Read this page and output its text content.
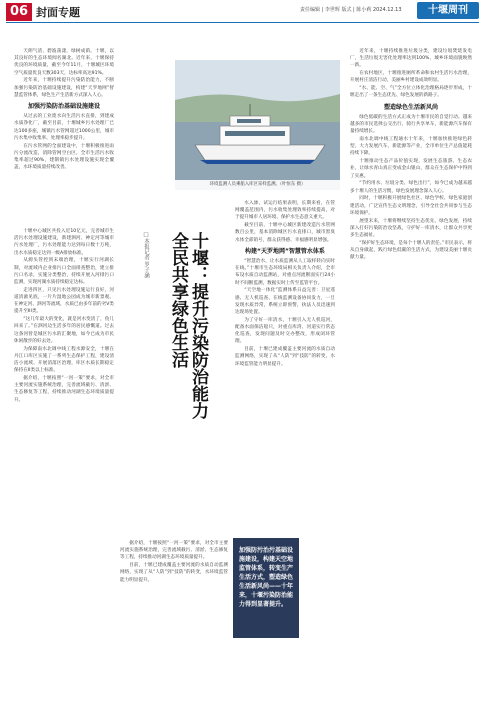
06 封面专题	责任编辑 | 李世辉 版式 | 陈小莉 2024.12.13	十堰周刊

天朗气清，碧波荡漾，绿树成荫。十堰，以其良好的生态环境闻名湖北。近年来，十堰保持优良的环境质量，截至今年11月，十堰城区环境空气质量优良天数303天，达标率高达91%。

近年来，十堰持续提升污染防治能力，不断加强污染防治基础设施建设，构建“天罗地网”智慧监管体系，绿色生产生活新方式深入人心。

加强污染防治基础设施建设

从过去的工业废水向生活污水直排，到建成水质净化厂，截至目前，十堰城乡污水处理厂已达100多座，城镇污水管网超过1000公里，城市污水集中收集率、处理率稳步提升。

在污水管网的全面建设中，十堰积极推进雨污分流改造，消除管网空白区，全市生活污水收集率超过90%，建制镇污水处理设施实现全覆盖，水环境质量持续改善。

十堰中心城区共投入近10亿元，完善城市生活污水处理设施建设，新建泗河、神定河等城市污水处理厂，污水处理能力达到每日数十万吨，出水水质稳定达到一级A排放标准。

从源头管控到末端治理，十堰实行河湖长制，对流域内企业排污口全面排查整治，建立排污口名录，实施分类整治，持续开展入河排污口监测，实现河湖水质持续稳定达标。

走进四区，只见污水处理设施运行良好，河道清澈见底，一片片湿地公园成为城市新景观。在神定河、泗河等流域，水质已由多年前的劣V类提升至III类。

“这几年最大的变化，就是河水变清了，鱼儿回来了。”在泗河边生活多年的居民感慨道。过去这条河曾是城区污水的汇聚地，如今已成为市民休闲散步的好去处。

为保障南水北调中线工程水源安全，十堰在丹江口库区实施了一系列生态保护工程，建设清洁小流域、开展消落区治理，库区水质长期稳定保持在II类以上标准。

据介绍，十堰按照“一河一策”要求，对全市主要河流实施系统治理，完善流域截污、清淤、生态修复等工程，持续推动河湖生态环境质量提升。

环境监测人员乘船入库区采样监测。（叶恒东 摄）

水入渗，试运行结果表明，长期来看，在管网覆盖范围内，污水收集处理效率持续提高，对于提升城市人居环境、保护水生态意义重大。

截至目前，十堰中心城区新建改造污水管网数百公里，基本消除城区污水直排口，城市黑臭水体全部销号，群众获得感、幸福感明显增强。

构建“天罗地网”智慧管水体系

“智慧治水，让水质监测从人工取样转向实时在线。”十堰市生态环境局相关负责人介绍，全市布设水质自动监测站，对重点河流断面实行24小时不间断监测，数据实时上传至监管平台。

“天空地一体化”监测体系日益完善：卫星遥感、无人机巡查、在线监测设备协同发力，一旦发现水质异常，系统立即预警，执法人员迅速到达现场处置。

为了守好一库清水，十堰引入无人机巡河，配备水面保洁船只，对重点库湾、河道实行常态化巡查，发现问题及时交办整改，形成闭环管理。

目前，十堰已建成覆盖主要河流的水质自动监测网络，实现了从“人防”到“技防”的转变，水环境监管能力明显提升。

据介绍，十堰按照“一河一策”要求，对全市主要河流实施系统治理，完善流域截污、清淤、生态修复等工程，持续推动河湖生态环境质量提升。

目前，十堰已建成覆盖主要河流的水质自动监测网络，实现了从“人防”到“技防”的转变，水环境监管能力明显提升。

十堰：提升污染防治能力
全民共享绿色生活
□本报记者 罗子涵
加强防污治污基础设施建设，构建天空地监管体系，转变生产生活方式，塑造绿色生活新风尚——十年来，十堰污染防治能力得到显著提升。

近年来，十堰持续推进垃圾分类，建设垃圾焚烧发电厂，生活垃圾无害化处理率达到100%，城乡环境面貌焕然一新。

在农村地区，十堰推进厕所革命和农村生活污水治理，开展村庄清洁行动，美丽乡村建设成效明显。

“水、能、空、气”全方位立体化治理格局逐步形成，十堰走出了一条生态优先、绿色发展的新路子。

塑造绿色生活新风尚

绿色低碳的生活方式正成为十堰市民的自觉行动。越来越多的市民选择公交出行、骑行共享单车，新能源汽车保有量持续增长。

南水北调中线工程通水十年来，十堰加快推进绿色转型，大力发展汽车、新能源等产业，全市单位生产总值能耗持续下降。

十堰推动生态产品价值实现，发展生态旅游、生态农业，让绿水青山真正变成金山银山，群众在生态保护中得到了实惠。

“节约用水、垃圾分类、绿色出行”，如今已成为越来越多十堰人的生活习惯，绿色发展理念深入人心。

同时，十堰积极开展绿色社区、绿色学校、绿色家庭创建活动，广泛宣传生态文明理念，引导全社会共同参与生态环境保护。

展望未来，十堰将继续坚持生态优先、绿色发展，持续深入打好污染防治攻坚战，守护好一库清水，让群众共享更多生态福祉。

“保护好生态环境，是每个十堰人的责任。”市民表示，将从自身做起，践行绿色低碳的生活方式，为建设美丽十堰贡献力量。
